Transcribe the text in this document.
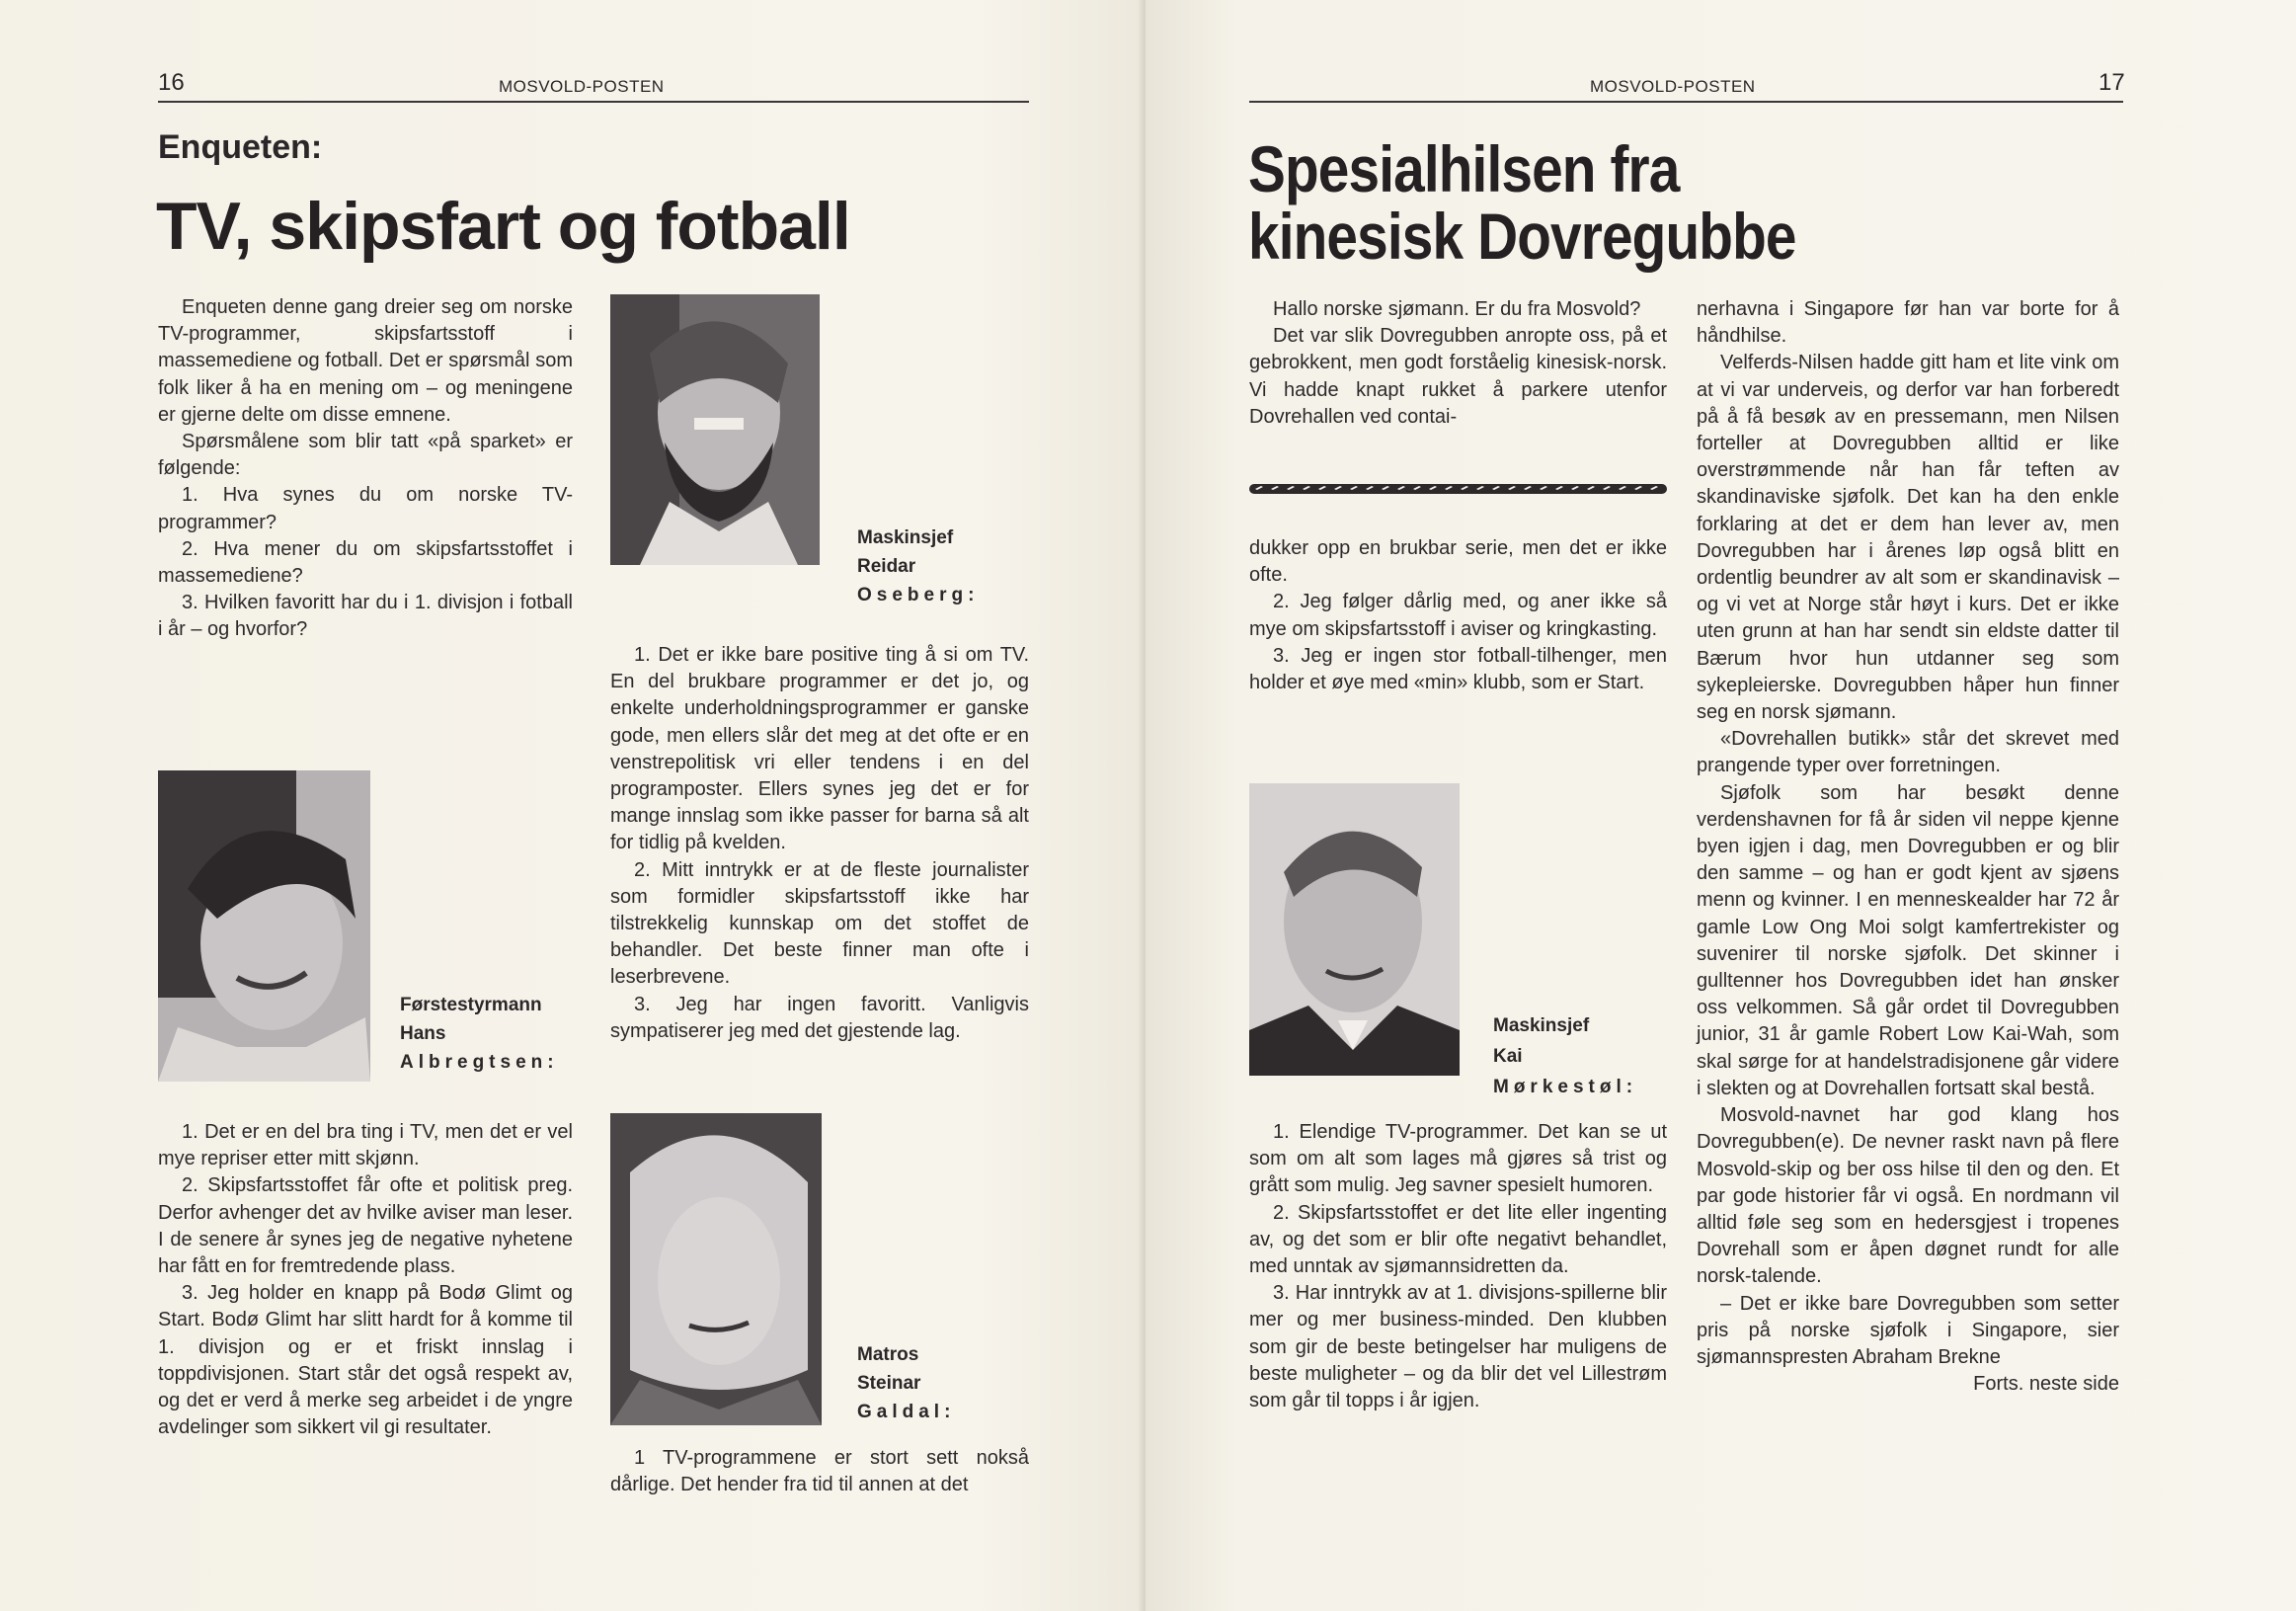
16	MOSVOLD-POSTEN
Enqueten:
TV, skipsfart og fotball

Enqueten denne gang dreier seg om norske TV-programmer, skipsfartsstoff i massemediene og fotball. Det er spørsmål som folk liker å ha en mening om – og meningene er gjerne delte om disse emnene.

Spørsmålene som blir tatt «på sparket» er følgende:

1. Hva synes du om norske TV-programmer?

2. Hva mener du om skipsfartsstoffet i massemediene?

3. Hvilken favoritt har du i 1. divisjon i fotball i år – og hvorfor?

Maskinsjef
Reidar
Oseberg:

1. Det er ikke bare positive ting å si om TV. En del brukbare programmer er det jo, og enkelte underholdningsprogrammer er ganske gode, men ellers slår det meg at det ofte er en venstrepolitisk vri eller tendens i en del programposter. Ellers synes jeg det er for mange innslag som ikke passer for barna så alt for tidlig på kvelden.

2. Mitt inntrykk er at de fleste journalister som formidler skipsfartsstoff ikke har tilstrekkelig kunnskap om det stoffet de behandler. Det beste finner man ofte i leserbrevene.

3. Jeg har ingen favoritt. Vanligvis sympatiserer jeg med det gjestende lag.

Førstestyrmann
Hans
Albregtsen:

1. Det er en del bra ting i TV, men det er vel mye repriser etter mitt skjønn.

2. Skipsfartsstoffet får ofte et politisk preg. Derfor avhenger det av hvilke aviser man leser. I de senere år synes jeg de negative nyhetene har fått en for fremtredende plass.

3. Jeg holder en knapp på Bodø Glimt og Start. Bodø Glimt har slitt hardt for å komme til 1. divisjon og er et friskt innslag i toppdivisjonen. Start står det også respekt av, og det er verd å merke seg arbeidet i de yngre avdelinger som sikkert vil gi resultater.

Matros
Steinar
Galdal:

1 TV-programmene er stort sett nokså dårlige. Det hender fra tid til annen at det

MOSVOLD-POSTEN	17
Spesialhilsen fra
kinesisk Dovregubbe

Hallo norske sjømann. Er du fra Mosvold?

Det var slik Dovregubben anropte oss, på et gebrokkent, men godt forståelig kinesisk-norsk. Vi hadde knapt rukket å parkere utenfor Dovrehallen ved contai-

dukker opp en brukbar serie, men det er ikke ofte.

2. Jeg følger dårlig med, og aner ikke så mye om skipsfartsstoff i aviser og kringkasting.

3. Jeg er ingen stor fotball-tilhenger, men holder et øye med «min» klubb, som er Start.

Maskinsjef
Kai
Mørkestøl:

1. Elendige TV-programmer. Det kan se ut som om alt som lages må gjøres så trist og grått som mulig. Jeg savner spesielt humoren.

2. Skipsfartsstoffet er det lite eller ingenting av, og det som er blir ofte negativt behandlet, med unntak av sjømannsidretten da.

3. Har inntrykk av at 1. divisjons-spillerne blir mer og mer business-minded. Den klubben som gir de beste betingelser har muligens de beste muligheter – og da blir det vel Lillestrøm som går til topps i år igjen.

nerhavna i Singapore før han var borte for å håndhilse.

Velferds-Nilsen hadde gitt ham et lite vink om at vi var underveis, og derfor var han forberedt på å få besøk av en pressemann, men Nilsen forteller at Dovregubben alltid er like overstrømmende når han får teften av skandinaviske sjøfolk. Det kan ha den enkle forklaring at det er dem han lever av, men Dovregubben har i årenes løp også blitt en ordentlig beundrer av alt som er skandinavisk – og vi vet at Norge står høyt i kurs. Det er ikke uten grunn at han har sendt sin eldste datter til Bærum hvor hun utdanner seg som sykepleierske. Dovregubben håper hun finner seg en norsk sjømann.

«Dovrehallen butikk» står det skrevet med prangende typer over forretningen.

Sjøfolk som har besøkt denne verdenshavnen for få år siden vil neppe kjenne byen igjen i dag, men Dovregubben er og blir den samme – og han er godt kjent av sjøens menn og kvinner. I en menneskealder har 72 år gamle Low Ong Moi solgt kamfertrekister og suvenirer til norske sjøfolk. Det skinner i gulltenner hos Dovregubben idet han ønsker oss velkommen. Så går ordet til Dovregubben junior, 31 år gamle Robert Low Kai-Wah, som skal sørge for at handelstradisjonene går videre i slekten og at Dovrehallen fortsatt skal bestå.

Mosvold-navnet har god klang hos Dovregubben(e). De nevner raskt navn på flere Mosvold-skip og ber oss hilse til den og den. Et par gode historier får vi også. En nordmann vil alltid føle seg som en hedersgjest i tropenes Dovrehall som er åpen døgnet rundt for alle norsk-talende.

– Det er ikke bare Dovregubben som setter pris på norske sjøfolk i Singapore, sier sjømannspresten Abraham Brekne

Forts. neste side
